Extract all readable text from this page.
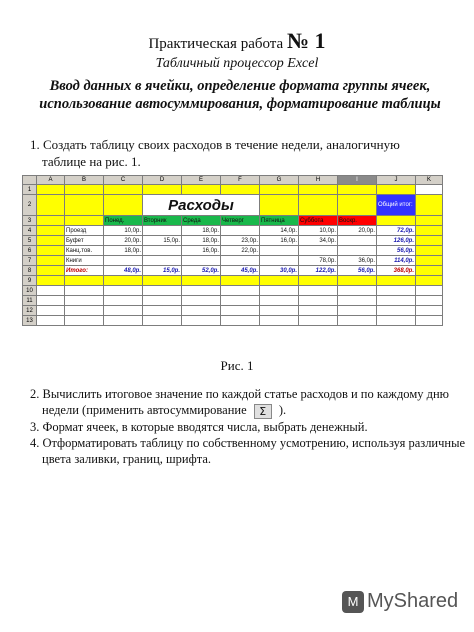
Практическая работа № 1
Табличный процессор Excel
Ввод данных в ячейки, определение формата группы ячеек,
использование автосуммирования, форматирование таблицы
1. Создать таблицу своих расходов в течение недели, аналогичную
таблице на рис. 1.
	A	B	C	D	E	F	G	H	I	J	K
1											
2				Расходы						Общий итог:	
3			Понед.	Вторник	Среда	Четверг	Пятница	Суббота	Воскр.		
4		Проезд	10,0р.		18,0р.		14,0р.	10,0р.	20,0р.	72,0р.	
5		Буфет	20,0р.	15,0р.	18,0р.	23,0р.	16,0р.	34,0р.		126,0р.	
6		Канц.тов.	18,0р.		16,0р.	22,0р.				56,0р.	
7		Книги						78,0р.	36,0р.	114,0р.	
8		Итого:	48,0р.	15,0р.	52,0р.	45,0р.	30,0р.	122,0р.	56,0р.	368,0р.	
9											
10											
11											
12											
13											
Рис. 1
2. Вычислить итоговое значение по каждой статье расходов и по каждому дню
недели (применить автосуммирование Σ ).
3. Формат ячеек, в которые вводятся числа, выбрать денежный.
4. Отформатировать таблицу по собственному усмотрению, используя различные
цвета заливки, границ, шрифта.
M MyShared
